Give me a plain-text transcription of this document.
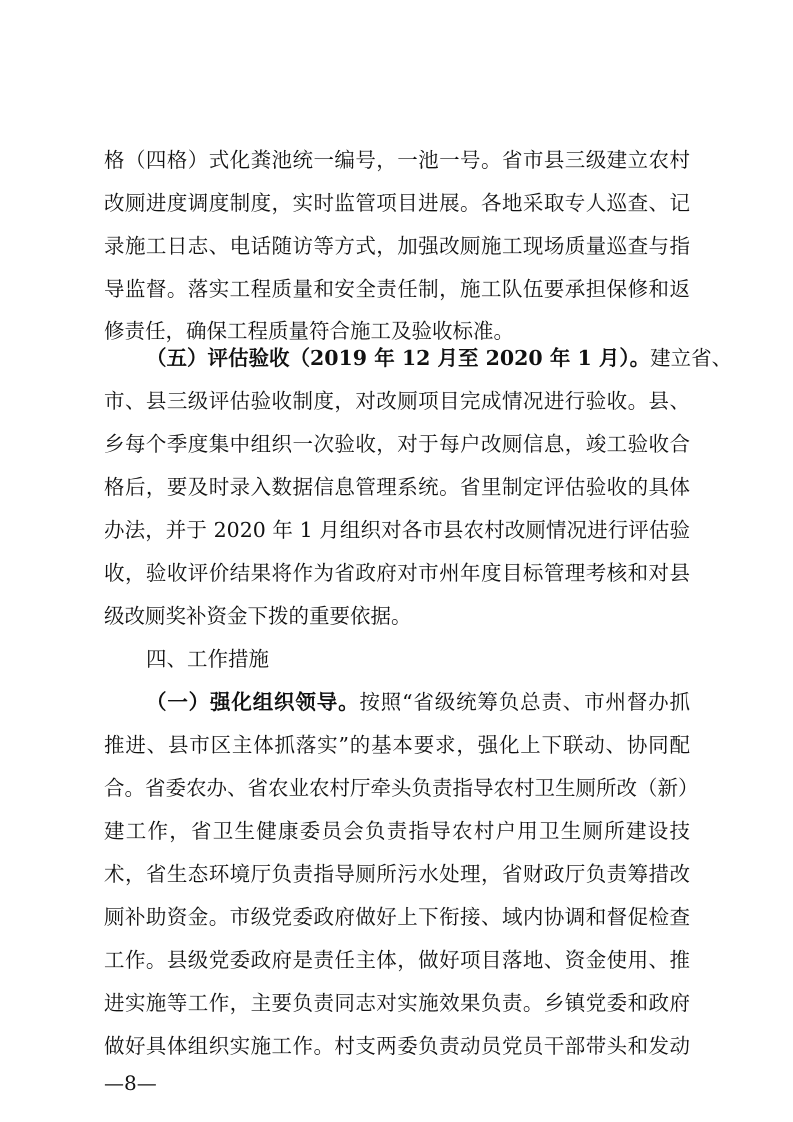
格（四格）式化粪池统一编号，一池一号。省市县三级建立农村
改厕进度调度制度，实时监管项目进展。各地采取专人巡查、记
录施工日志、电话随访等方式，加强改厕施工现场质量巡查与指
导监督。落实工程质量和安全责任制，施工队伍要承担保修和返
修责任，确保工程质量符合施工及验收标准。
（五）评估验收（2019 年 12 月至 2020 年 1 月）。建立省、
市、县三级评估验收制度，对改厕项目完成情况进行验收。县、
乡每个季度集中组织一次验收，对于每户改厕信息，竣工验收合
格后，要及时录入数据信息管理系统。省里制定评估验收的具体
办法，并于 2020 年 1 月组织对各市县农村改厕情况进行评估验
收，验收评价结果将作为省政府对市州年度目标管理考核和对县
级改厕奖补资金下拨的重要依据。
四、工作措施
（一）强化组织领导。按照“省级统筹负总责、市州督办抓
推进、县市区主体抓落实”的基本要求，强化上下联动、协同配
合。省委农办、省农业农村厅牵头负责指导农村卫生厕所改（新）
建工作，省卫生健康委员会负责指导农村户用卫生厕所建设技
术，省生态环境厅负责指导厕所污水处理，省财政厅负责筹措改
厕补助资金。市级党委政府做好上下衔接、域内协调和督促检查
工作。县级党委政府是责任主体，做好项目落地、资金使用、推
进实施等工作，主要负责同志对实施效果负责。乡镇党委和政府
做好具体组织实施工作。村支两委负责动员党员干部带头和发动
—8—
